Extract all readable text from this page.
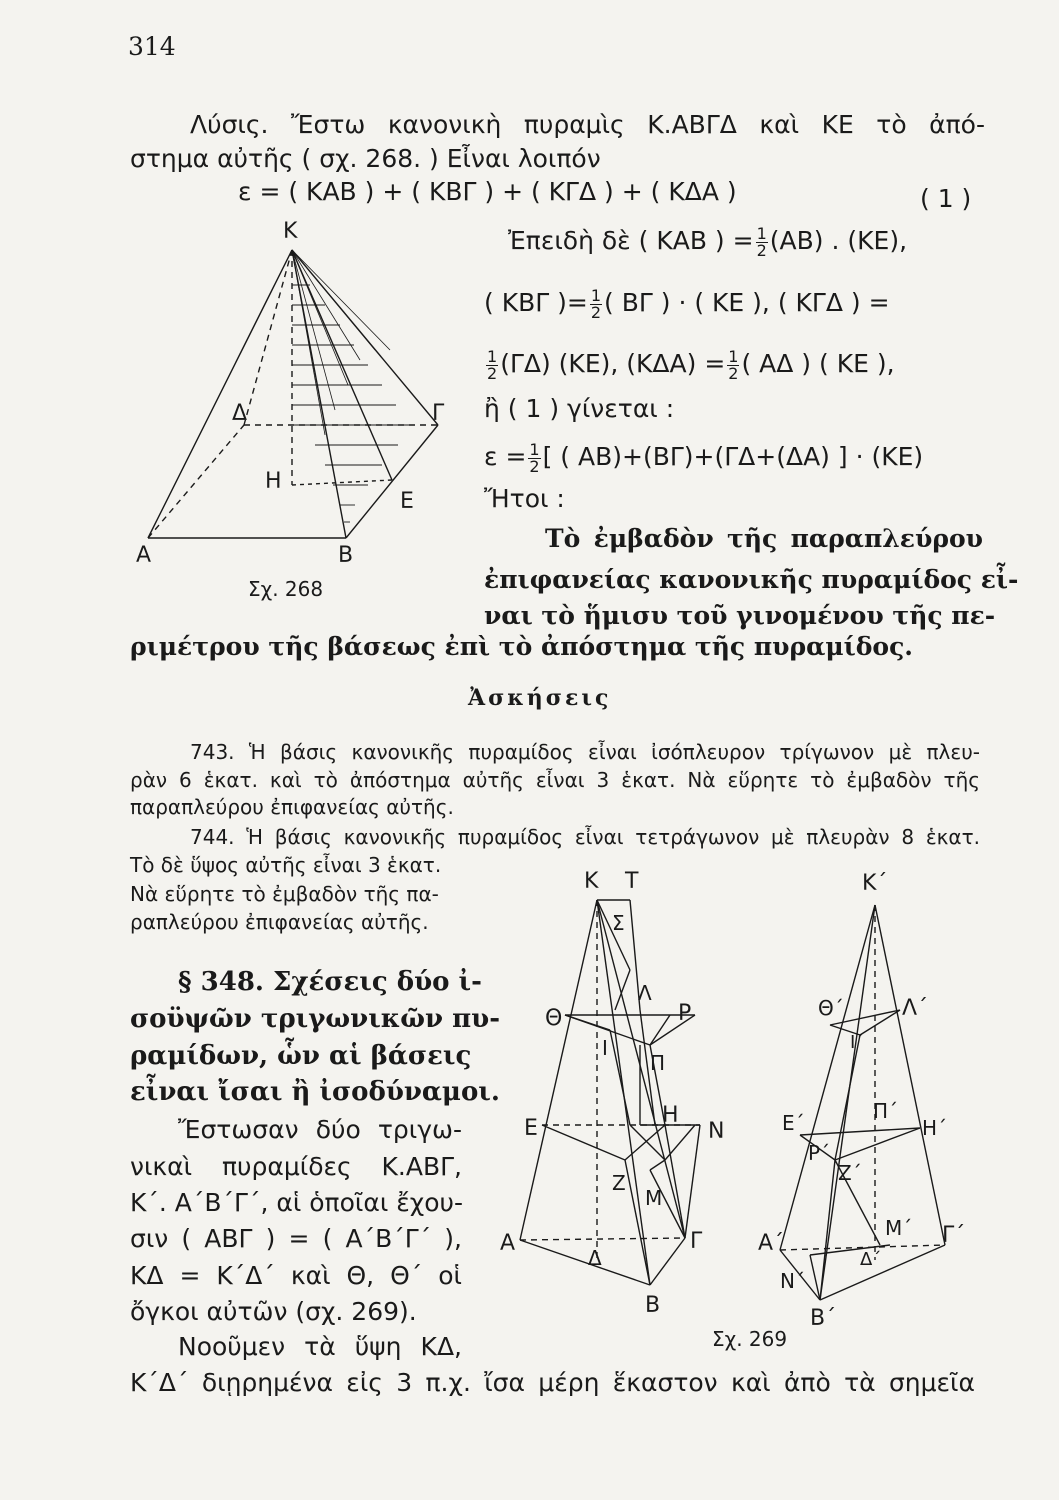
314
Λύσις. Ἔστω κανονικὴ πυραμὶς Κ.ΑΒΓΔ καὶ ΚΕ τὸ ἀπό-
στημα αὐτῆς ( σχ. 268. ) Εἶναι λοιπόν
ε = ( ΚΑΒ ) + ( ΚΒΓ ) + ( ΚΓΔ ) + ( ΚΔΑ )	( 1 )
Ἐπειδὴ δὲ ( ΚΑΒ ) = $\frac{1}{2} (AB)$ . (ΚΕ),
( ΚΒΓ )= $\frac{1}{2}$ ( ΒΓ ) · ( ΚΕ ), ( ΚΓΔ ) =
$\frac{1}{2} (\Gamma\Delta)$ (ΚΕ), $(K\Delta A) = \frac{1}{2}$ ( ΑΔ ) ( ΚΕ ),
ἢ ( 1 ) γίνεται :
$\varepsilon = \frac{1}{2}$ [ ( ΑΒ)+(ΒΓ)+(ΓΔ+(ΔΑ) ] · (ΚΕ)
Ἤτοι :
Τὸ ἐμβαδὸν τῆς παραπλεύρου
ἐπιφανείας κανονικῆς πυραμίδος εἶ-
ναι τὸ ἥμισυ τοῦ γινομένου τῆς πε-
ριμέτρου τῆς βάσεως ἐπὶ τὸ ἀπόστημα τῆς πυραμίδος.
Ἀσκήσεις
743. Ἡ βάσις κανονικῆς πυραμίδος εἶναι ἰσόπλευρον τρίγωνον μὲ πλευ-
ρὰν 6 ἑκατ. καὶ τὸ ἀπόστημα αὐτῆς εἶναι 3 ἑκατ. Νὰ εὕρητε τὸ ἐμβαδὸν τῆς
παραπλεύρου ἐπιφανείας αὐτῆς.
744. Ἡ βάσις κανονικῆς πυραμίδος εἶναι τετράγωνον μὲ πλευρὰν 8 ἑκατ.
Τὸ δὲ ὕψος αὐτῆς εἶναι 3 ἑκατ.
Νὰ εὕρητε τὸ ἐμβαδὸν τῆς πα-
ραπλεύρου ἐπιφανείας αὐτῆς.
§ 348. Σχέσεις δύο ἰ-
σοϋψῶν τριγωνικῶν πυ-
ραμίδων, ὧν αἱ βάσεις
εἶναι ἴσαι ἢ ἰσοδύναμοι.
Ἔστωσαν δύο τριγω-
νικαὶ πυραμίδες Κ.ΑΒΓ,
Κ΄. Α΄Β΄Γ΄, αἱ ὁποῖαι ἔχου-
σιν ( ΑΒΓ ) = ( Α΄Β΄Γ΄ ),
ΚΔ = Κ΄Δ΄ καὶ Θ, Θ΄ οἱ
ὄγκοι αὐτῶν (σχ. 269).
Νοοῦμεν τὰ ὕψη ΚΔ,
Κ΄Δ΄ διῃρημένα εἰς 3 π.χ. ἴσα μέρη ἕκαστον καὶ ἀπὸ τὰ σημεῖα
Κ
Δ	Γ
Η
Ε
Α	Β
Σχ. 268
Κ Τ
Σ
Θ
Λ
Ρ
Ι
Π
Ε
Η
Ν
Ζ
Μ
Α
Δ
Γ
Β
Κ΄
Θ΄	Λ΄
Ι΄
Ε΄	Π΄
Η΄
Ρ΄
Ζ΄
Α΄
Μ΄ Γ΄
Ν΄
Δ΄
Β΄
Σχ. 269
